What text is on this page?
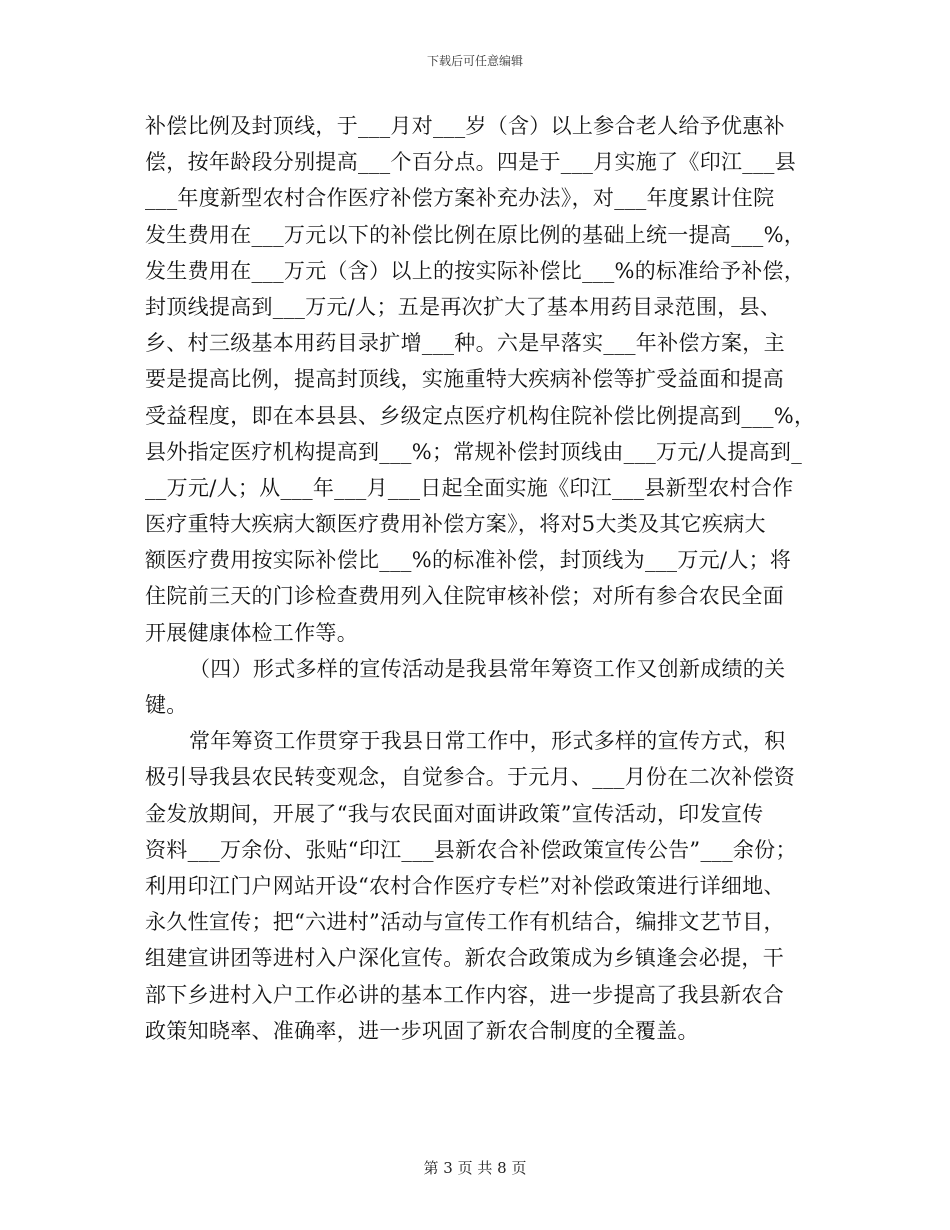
下载后可任意编辑
补偿比例及封顶线，于___月对___岁（含）以上参合老人给予优惠补
偿，按年龄段分别提高___个百分点。四是于___月实施了《印江___县
___年度新型农村合作医疗补偿方案补充办法》，对___年度累计住院
发生费用在___万元以下的补偿比例在原比例的基础上统一提高___%，
发生费用在___万元（含）以上的按实际补偿比___%的标准给予补偿，
封顶线提高到___万元/人；五是再次扩大了基本用药目录范围，县、
乡、村三级基本用药目录扩增___种。六是早落实___年补偿方案，主
要是提高比例，提高封顶线，实施重特大疾病补偿等扩受益面和提高
受益程度，即在本县县、乡级定点医疗机构住院补偿比例提高到___%，
县外指定医疗机构提高到___%；常规补偿封顶线由___万元/人提高到_
__万元/人；从___年___月___日起全面实施《印江___县新型农村合作
医疗重特大疾病大额医疗费用补偿方案》，将对5大类及其它疾病大
额医疗费用按实际补偿比___%的标准补偿，封顶线为___万元/人；将
住院前三天的门诊检查费用列入住院审核补偿；对所有参合农民全面
开展健康体检工作等。
（四）形式多样的宣传活动是我县常年筹资工作又创新成绩的关
键。
常年筹资工作贯穿于我县日常工作中，形式多样的宣传方式，积
极引导我县农民转变观念，自觉参合。于元月、___月份在二次补偿资
金发放期间，开展了“我与农民面对面讲政策”宣传活动，印发宣传
资料___万余份、张贴“印江___县新农合补偿政策宣传公告”___余份；
利用印江门户网站开设“农村合作医疗专栏”对补偿政策进行详细地、
永久性宣传；把“六进村”活动与宣传工作有机结合，编排文艺节目，
组建宣讲团等进村入户深化宣传。新农合政策成为乡镇逢会必提，干
部下乡进村入户工作必讲的基本工作内容，进一步提高了我县新农合
政策知晓率、准确率，进一步巩固了新农合制度的全覆盖。
第 3 页 共 8 页
